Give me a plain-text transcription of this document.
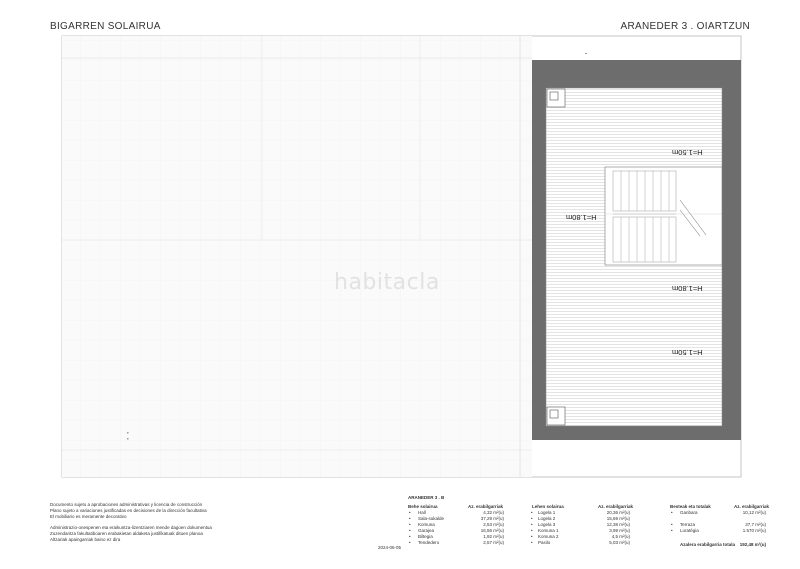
BIGARREN SOLAIRUA	ARANEDER 3 . OIARTZUN
habitacla
H=1.50m
H=1.80m
H=1.80m
H=1.50m
Documento sujeto a aprobaciones administrativas y licencia de construcción
Plano sujeto a variaciones justificadas en decisiones de la dirección facultativa
El mobiliario es meramente decorativo
Administrazio-onespenen eta eraikuntza-lizentziaren mende dagoen dokumentua
Zuzendaritza fakultatiboaren erabakietan aldaketa justifikatuak dituen planoa
Altzariak apaingarriak baino ez dira
2024-06-05
ARANEDER 3 . B
Behe solairua	Az. erabilgarriak
• Hall	4,32 m²(u)
• Sala-sukalde	37,29 m²(u)
• Komuna	2,53 m²(u)
• Garajea	16,56 m²(u)
• Biltegia	1,92 m²(u)
• Tendedero	2,57 m²(u)
Lehen solairua	Az. erabilgarriak
• Logela 1	20,36 m²(u)
• Logela 2	15,69 m²(u)
• Logela 3	12,38 m²(u)
• Komuna 1	3,99 m²(u)
• Komuna 2	4,5 m²(u)
• Pasilo	5,03 m²(u)
Besteak eta totalak	Az. erabilgarriak
• Ganbara	10,12 m²(u)
• Terraza	37,7 m²(u)
• Loratégia	1.570 m²(u)
Azalera erabilgarria totala 192,48 m²(u)
